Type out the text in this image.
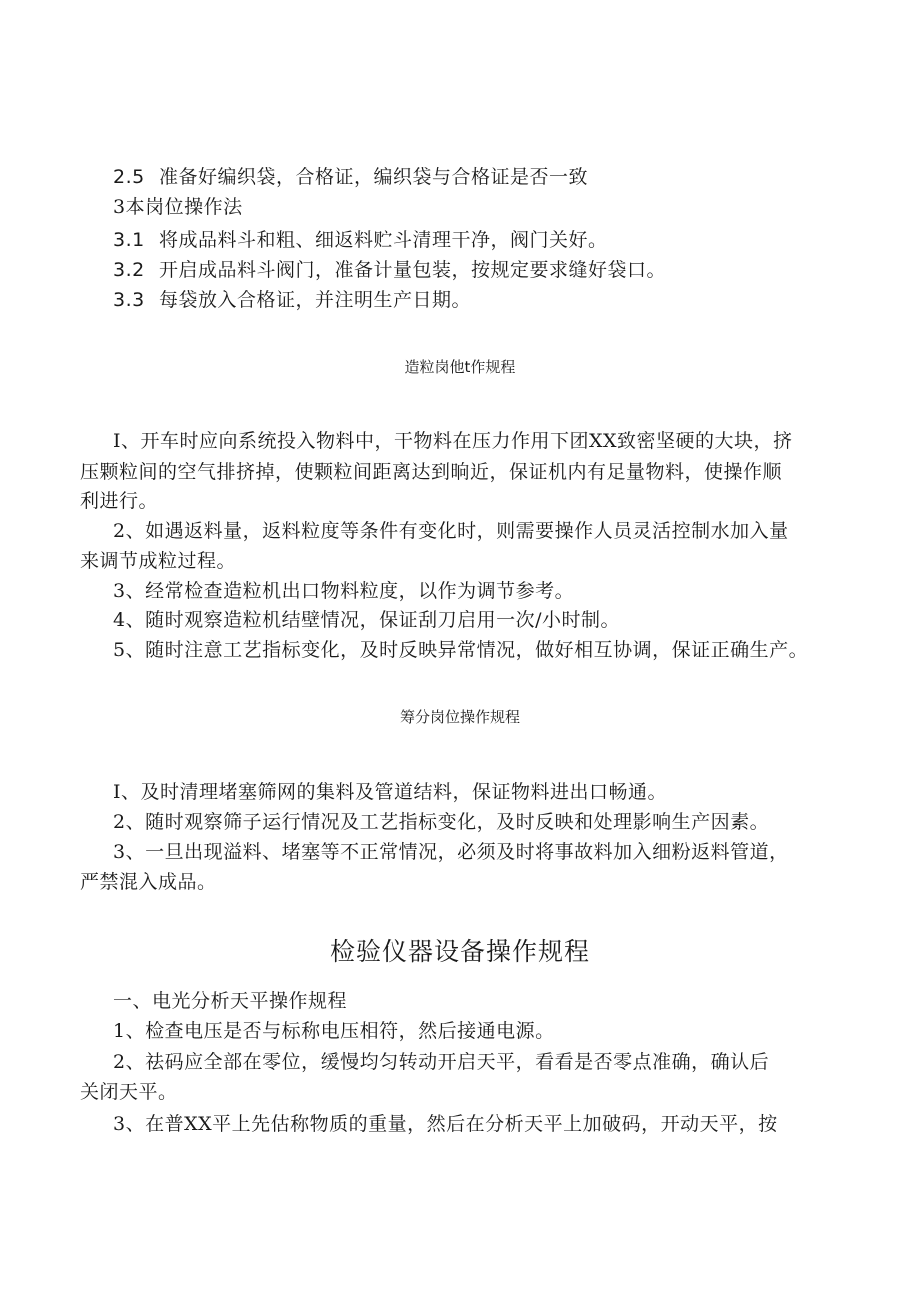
2.5 准备好编织袋，合格证，编织袋与合格证是否一致
3本岗位操作法
3.1 将成品料斗和粗、细返料贮斗清理干净，阀门关好。
3.2 开启成品料斗阀门，准备计量包装，按规定要求缝好袋口。
3.3 每袋放入合格证，并注明生产日期。
造粒岗他t作规程
I、开车时应向系统投入物料中，干物料在压力作用下团XX致密坚硬的大块，挤
压颗粒间的空气排挤掉，使颗粒间距离达到晌近，保证机内有足量物料，使操作顺
利进行。
2、如遇返料量，返料粒度等条件有变化时，则需要操作人员灵活控制水加入量
来调节成粒过程。
3、经常检查造粒机出口物料粒度，以作为调节参考。
4、随时观察造粒机结壁情况，保证刮刀启用一次/小时制。
5、随时注意工艺指标变化，及时反映异常情况，做好相互协调，保证正确生产。
筹分岗位操作规程
I、及时清理堵塞筛网的集料及管道结料，保证物料进出口畅通。
2、随时观察筛子运行情况及工艺指标变化，及时反映和处理影响生产因素。
3、一旦出现溢料、堵塞等不正常情况，必须及时将事故料加入细粉返料管道，
严禁混入成品。
检验仪器设备操作规程
一、电光分析天平操作规程
1、检查电压是否与标称电压相符，然后接通电源。
2、祛码应全部在零位，缓慢均匀转动开启天平，看看是否零点准确，确认后
关闭天平。
3、在普XX平上先估称物质的重量，然后在分析天平上加破码，开动天平，按
